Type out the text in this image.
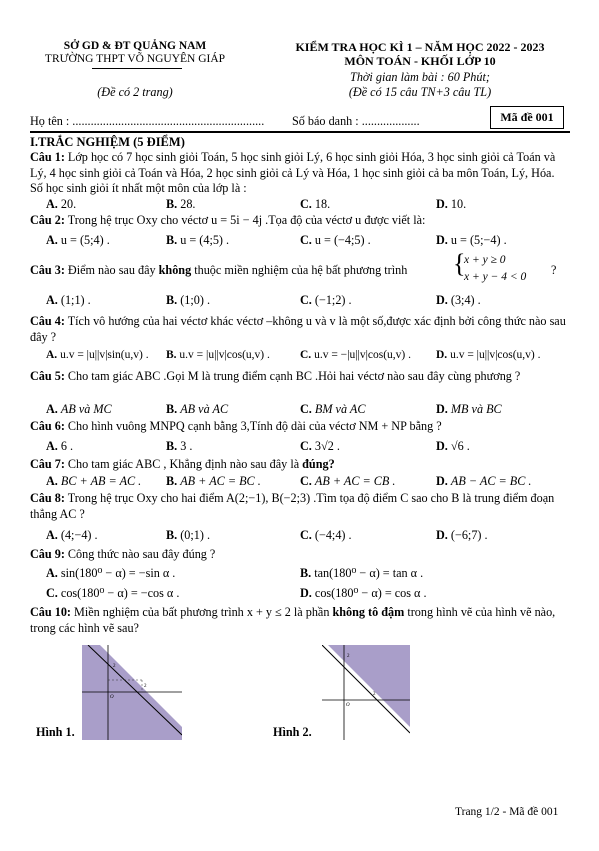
SỞ GD & ĐT QUẢNG NAM
TRƯỜNG THPT VÕ NGUYÊN GIÁP
(Đề có 2 trang)
KIỂM TRA HỌC KÌ 1 – NĂM HỌC 2022 - 2023
MÔN TOÁN - KHỐI LỚP 10
Thời gian làm bài : 60 Phút;
(Đề có 15 câu TN+3 câu TL)
Họ tên : ............................................................... Số báo danh : ...................	Mã đề 001
I.TRẮC NGHIỆM (5 ĐIỂM)
Câu 1: Lớp học có 7 học sinh giỏi Toán, 5 học sinh giỏi Lý, 6 học sinh giỏi Hóa, 3 học sinh giỏi cả Toán và Lý, 4 học sinh giỏi cả Toán và Hóa, 2 học sinh giỏi cả Lý và Hóa, 1 học sinh giỏi cả ba môn Toán, Lý, Hóa. Số học sinh giỏi ít nhất một môn của lớp là :
A. 20.	B. 28.	C. 18.	D. 10.
Câu 2: Trong hệ trục Oxy cho véctơ u = 5i − 4j .Tọa độ của véctơ u được viết là:
A. u = (5;4) .	B. u = (4;5) .	C. u = (−4;5) .	D. u = (5;−4) .
Câu 3: Điểm nào sau đây không thuộc miền nghiệm của hệ bất phương trình {
x + y ≥ 0
x + y − 4 < 0 ?
A. (1;1) .	B. (1;0) .	C. (−1;2) .	D. (3;4) .
Câu 4: Tích vô hướng của hai véctơ khác véctơ –không u và v là một số,được xác định bởi công thức nào sau đây ?
A. u.v = |u||v|sin(u,v) . B. u.v = |u||v|cos(u,v) .	C. u.v = −|u||v|cos(u,v) . D. u.v = |u||v|cos(u,v) .
Câu 5: Cho tam giác ABC .Gọi M là trung điểm cạnh BC .Hỏi hai véctơ nào sau đây cùng phương ?
A. AB và MC	B. AB và AC	C. BM và AC	D. MB và BC
Câu 6: Cho hình vuông MNPQ cạnh bằng 3,Tính độ dài của véctơ NM + NP bằng ?
A. 6 .	B. 3 .	C. 3√2 .	D. √6 .
Câu 7: Cho tam giác ABC , Khẳng định nào sau đây là đúng?
A. BC + AB = AC . B. AB + AC = BC .	C. AB + AC = CB .	D. AB − AC = BC .
Câu 8: Trong hệ trục Oxy cho hai điểm A(2;−1), B(−2;3) .Tìm tọa độ điểm C sao cho B là trung điểm đoạn thẳng AC ?
A. (4;−4) .	B. (0;1) .	C. (−4;4) .	D. (−6;7) .
Câu 9: Công thức nào sau đây đúng ?
A. sin(180⁰ − α) = −sin α .	B. tan(180⁰ − α) = tan α .
C. cos(180⁰ − α) = −cos α .	D. cos(180⁰ − α) = cos α .
Câu 10: Miền nghiệm của bất phương trình x + y ≤ 2 là phần không tô đậm trong hình vẽ của hình vẽ nào, trong các hình vẽ sau?
2
2
O
Hình 1.
2
2
O
Hình 2.
Trang 1/2 - Mã đề 001
